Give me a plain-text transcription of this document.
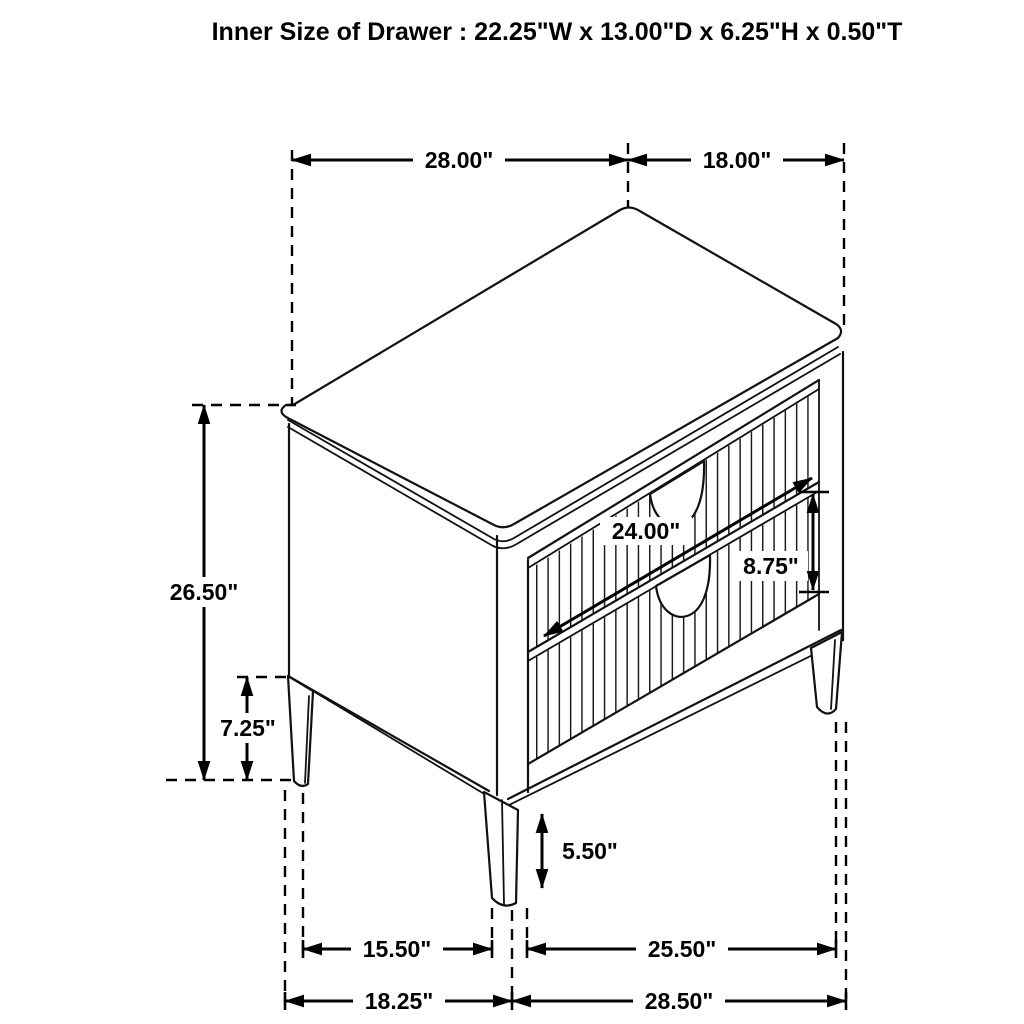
28.00"	18.00"
26.50"
7.25"
24.00"
8.75"
5.50"
15.50"	25.50"
18.25"	28.50"
Inner Size of Drawer : 22.25"W x 13.00"D x 6.25"H x 0.50"T
